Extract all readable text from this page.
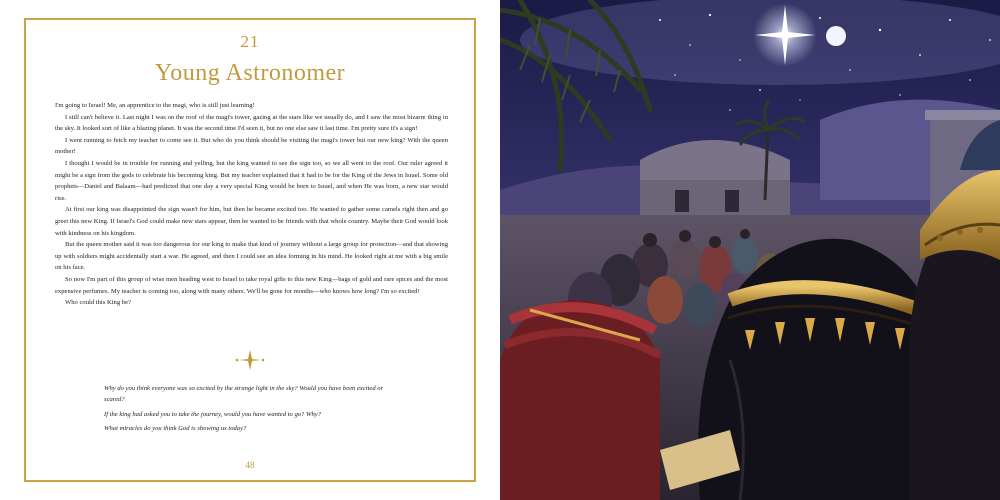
21
Young Astronomer

I'm going to Israel! Me, an apprentice to the magi, who is still just learning!

I still can't believe it. Last night I was on the roof of the magi's tower, gazing at the stars like we usually do, and I saw the most bizarre thing in the sky. It looked sort of like a blazing planet. It was the second time I'd seen it, but no one else saw it last time. I'm pretty sure it's a sign!

I went running to fetch my teacher to come see it. But who do you think should be visiting the magi's tower but our new king? With the queen mother!

I thought I would be in trouble for running and yelling, but the king wanted to see the sign too, so we all went to the roof. Our ruler agreed it might be a sign from the gods to celebrate his becoming king. But my teacher explained that it had to be for the King of the Jews in Israel. Some old prophets—Daniel and Balaam—had predicted that one day a very special King would be born to Israel, and when He was born, a new star would rise.

At first our king was disappointed the sign wasn't for him, but then he became excited too. He wanted to gather some camels right then and go greet this new King. If Israel's God could make new stars appear, then he wanted to be friends with that whole country. Maybe their God would look with kindness on his kingdom.

But the queen mother said it was too dangerous for our king to make that kind of journey without a large group for protection—and that showing up with soldiers might accidentally start a war. He agreed, and then I could see an idea forming in his mind. He looked right at me with a big smile on his face.

So now I'm part of this group of wise men heading west to Israel to take royal gifts to this new King—bags of gold and rare spices and the most expensive perfumes. My teacher is coming too, along with many others. We'll be gone for months—who knows how long? I'm so excited!

Who could this King be?

Why do you think everyone was so excited by the strange light in the sky? Would you have been excited or scared?

If the king had asked you to take the journey, would you have wanted to go? Why?

What miracles do you think God is showing us today?

48
